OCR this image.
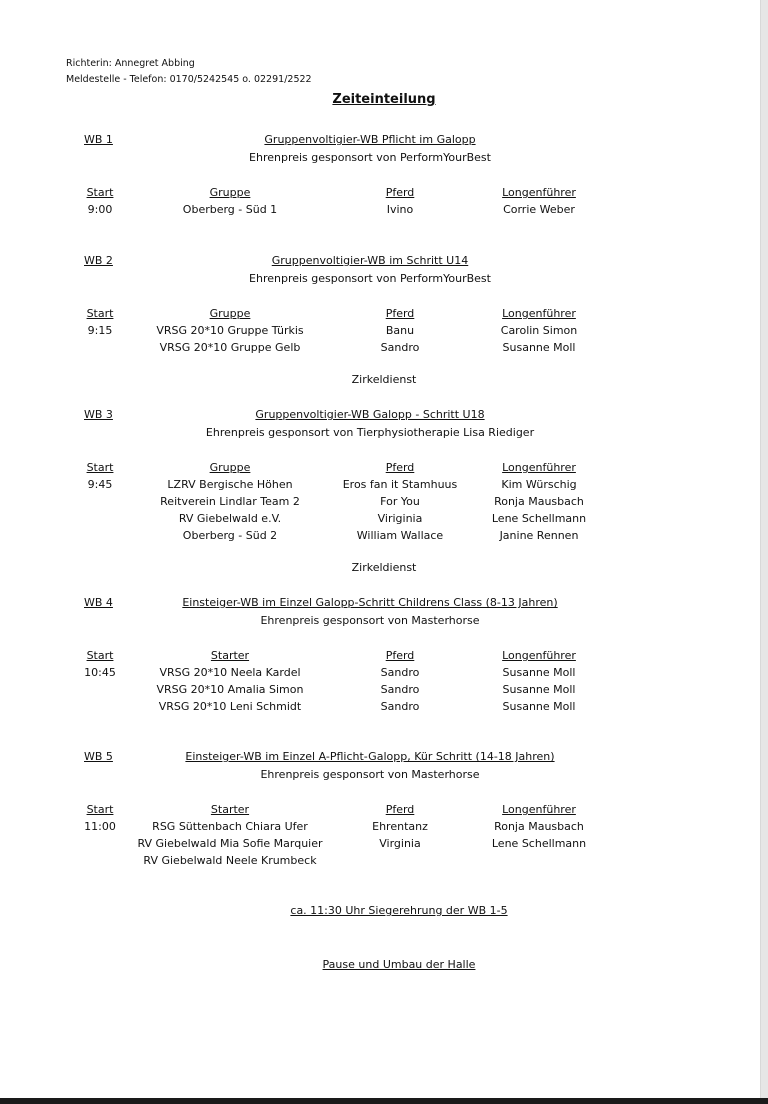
Richterin: Annegret Abbing
Meldestelle - Telefon: 0170/5242545 o. 02291/2522
Zeiteinteilung
WB 1	Gruppenvoltigier-WB Pflicht im Galopp
Ehrenpreis gesponsort von PerformYourBest
Start	Gruppe	Pferd	Longenführer
9:00	Oberberg - Süd 1	Ivino	Corrie Weber
WB 2	Gruppenvoltigier-WB im Schritt U14
Ehrenpreis gesponsort von PerformYourBest
Start	Gruppe	Pferd	Longenführer
9:15	VRSG 20*10 Gruppe Türkis	Banu	Carolin Simon
VRSG 20*10 Gruppe Gelb	Sandro	Susanne Moll
Zirkeldienst
WB 3	Gruppenvoltigier-WB Galopp - Schritt U18
Ehrenpreis gesponsort von Tierphysiotherapie Lisa Riediger
Start	Gruppe	Pferd	Longenführer
9:45	LZRV Bergische Höhen	Eros fan it Stamhuus	Kim Würschig
Reitverein Lindlar Team 2	For You	Ronja Mausbach
RV Giebelwald e.V.	Viriginia	Lene Schellmann
Oberberg - Süd 2	William Wallace	Janine Rennen
Zirkeldienst
WB 4	Einsteiger-WB im Einzel Galopp-Schritt Childrens Class (8-13 Jahren)
Ehrenpreis gesponsort von Masterhorse
Start	Starter	Pferd	Longenführer
10:45	VRSG 20*10 Neela Kardel	Sandro	Susanne Moll
VRSG 20*10 Amalia Simon	Sandro	Susanne Moll
VRSG 20*10 Leni Schmidt	Sandro	Susanne Moll
WB 5	Einsteiger-WB im Einzel A-Pflicht-Galopp, Kür Schritt (14-18 Jahren)
Ehrenpreis gesponsort von Masterhorse
Start	Starter	Pferd	Longenführer
11:00	RSG Süttenbach Chiara Ufer	Ehrentanz	Ronja Mausbach
RV Giebelwald Mia Sofie Marquier	Virginia	Lene Schellmann
RV Giebelwald Neele Krumbeck
ca. 11:30 Uhr Siegerehrung der WB 1-5
Pause und Umbau der Halle
